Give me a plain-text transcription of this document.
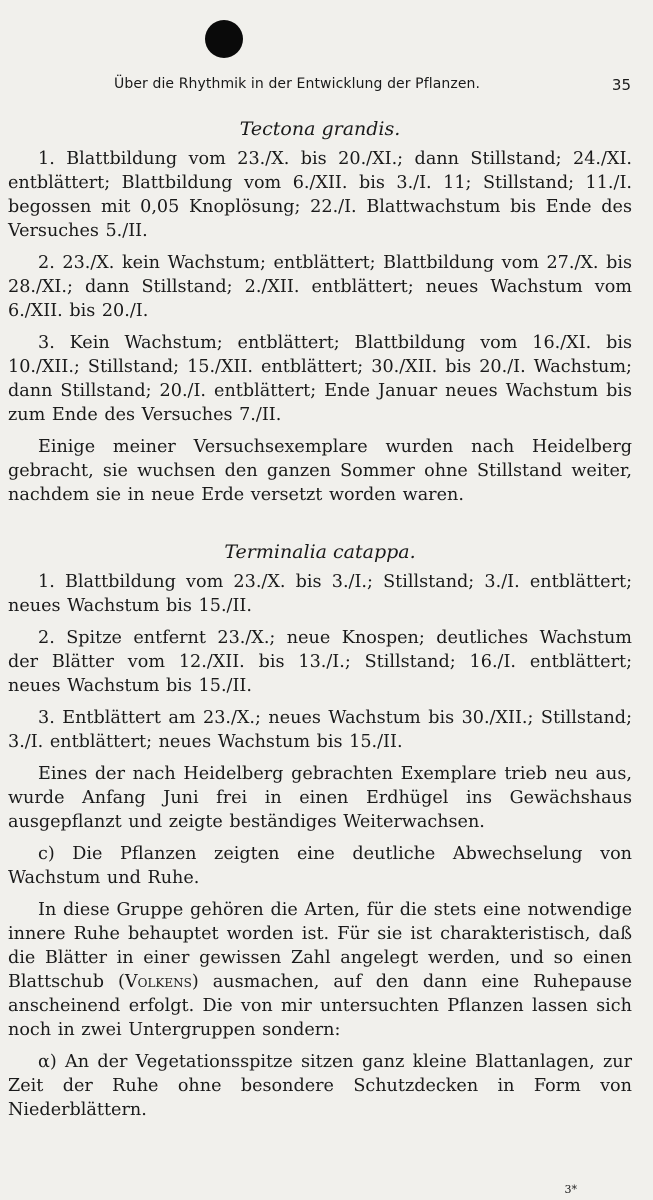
Über die Rhythmik in der Entwicklung der Pflanzen.	35
Tectona grandis.

1. Blattbildung vom 23./X. bis 20./XI.; dann Stillstand; 24./XI. entblättert; Blattbildung vom 6./XII. bis 3./I. 11; Stillstand; 11./I. begossen mit 0,05 Knoplösung; 22./I. Blattwachstum bis Ende des Versuches 5./II.

2. 23./X. kein Wachstum; entblättert; Blattbildung vom 27./X. bis 28./XI.; dann Stillstand; 2./XII. entblättert; neues Wachstum vom 6./XII. bis 20./I.

3. Kein Wachstum; entblättert; Blattbildung vom 16./XI. bis 10./XII.; Stillstand; 15./XII. entblättert; 30./XII. bis 20./I. Wachstum; dann Stillstand; 20./I. entblättert; Ende Januar neues Wachstum bis zum Ende des Versuches 7./II.

Einige meiner Versuchsexemplare wurden nach Heidelberg gebracht, sie wuchsen den ganzen Sommer ohne Stillstand weiter, nachdem sie in neue Erde versetzt worden waren.

Terminalia catappa.

1. Blattbildung vom 23./X. bis 3./I.; Stillstand; 3./I. entblättert; neues Wachstum bis 15./II.

2. Spitze entfernt 23./X.; neue Knospen; deutliches Wachstum der Blätter vom 12./XII. bis 13./I.; Stillstand; 16./I. entblättert; neues Wachstum bis 15./II.

3. Entblättert am 23./X.; neues Wachstum bis 30./XII.; Stillstand; 3./I. entblättert; neues Wachstum bis 15./II.

Eines der nach Heidelberg gebrachten Exemplare trieb neu aus, wurde Anfang Juni frei in einen Erdhügel ins Gewächshaus ausgepflanzt und zeigte beständiges Weiterwachsen.

c) Die Pflanzen zeigten eine deutliche Abwechselung von Wachstum und Ruhe.

In diese Gruppe gehören die Arten, für die stets eine notwendige innere Ruhe behauptet worden ist. Für sie ist charakteristisch, daß die Blätter in einer gewissen Zahl angelegt werden, und so einen Blattschub (Volkens) ausmachen, auf den dann eine Ruhepause anscheinend erfolgt. Die von mir untersuchten Pflanzen lassen sich noch in zwei Untergruppen sondern:

α) An der Vegetationsspitze sitzen ganz kleine Blattanlagen, zur Zeit der Ruhe ohne besondere Schutzdecken in Form von Niederblättern.

3*
